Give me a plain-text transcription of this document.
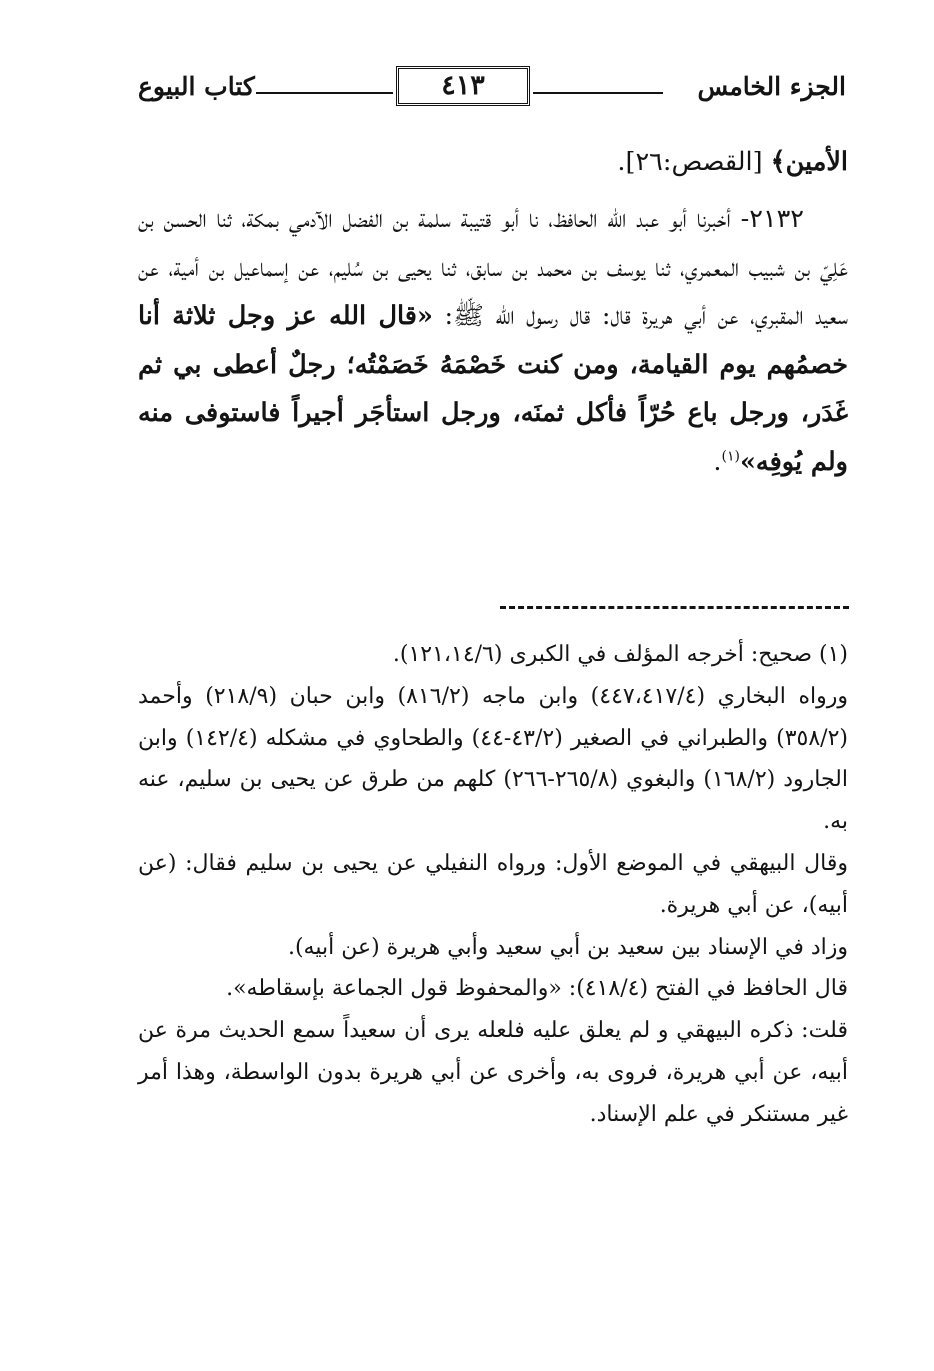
الجزء الخامس
٤١٣
كتاب البيوع

الأمين﴾ [القصص:٢٦].

٢١٣٢- أخبرنا أبو عبد الله الحافظ، نا أبو قتيبة سلمة بن الفضل الآدمي بمكة، ثنا الحسن بن عَلِيّ بن شبيب المعمري، ثنا يوسف بن محمد بن سابق، ثنا يحيى بن سُليم، عن إسماعيل بن أمية، عن سعيد المقبري، عن أبي هريرة قال: قال رسول الله ﷺ: «قال الله عز وجل ثلاثة أنا خصمُهم يوم القيامة، ومن كنت خَصْمَهُ خَصَمْتُه؛ رجلٌ أعطى بي ثم غَدَر، ورجل باع حُرّاً فأكل ثمنَه، ورجل استأجَر أجيراً فاستوفى منه ولم يُوفِه»$^{(١)}$.

(١) صحيح: أخرجه المؤلف في الكبرى (١٢١،١٤/٦).

ورواه البخاري (٤٤٧،٤١٧/٤) وابن ماجه (٨١٦/٢) وابن حبان (٢١٨/٩) وأحمد (٣٥٨/٢) والطبراني في الصغير (٤٣/٢-٤٤) والطحاوي في مشكله (١٤٢/٤) وابن الجارود (١٦٨/٢) والبغوي (٢٦٥/٨-٢٦٦) كلهم من طرق عن يحيى بن سليم، عنه به.

وقال البيهقي في الموضع الأول: ورواه النفيلي عن يحيى بن سليم فقال: (عن أبيه)، عن أبي هريرة.

وزاد في الإسناد بين سعيد بن أبي سعيد وأبي هريرة (عن أبيه).

قال الحافظ في الفتح (٤١٨/٤): «والمحفوظ قول الجماعة بإسقاطه».

قلت: ذكره البيهقي و لم يعلق عليه فلعله يرى أن سعيداً سمع الحديث مرة عن أبيه، عن أبي هريرة، فروى به، وأخرى عن أبي هريرة بدون الواسطة، وهذا أمر غير مستنكر في علم الإسناد.
